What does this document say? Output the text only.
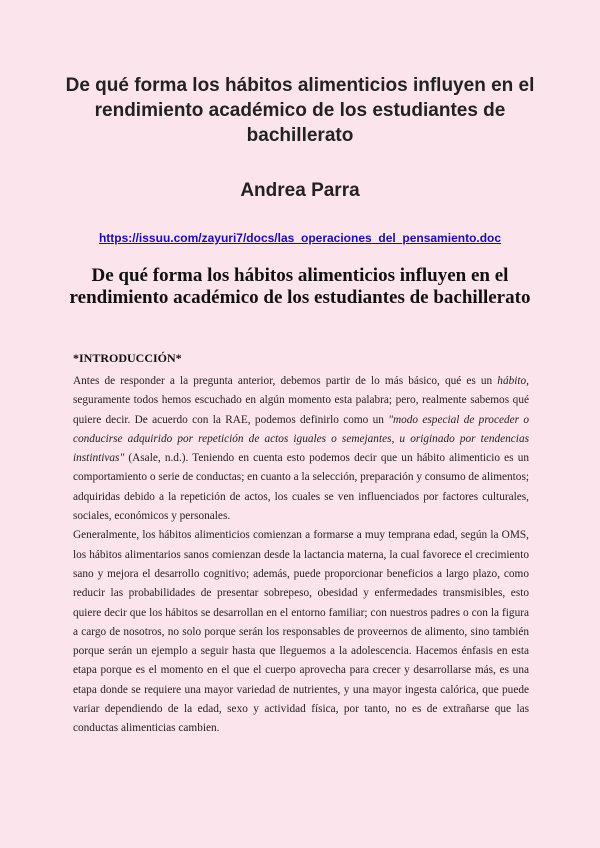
De qué forma los hábitos alimenticios influyen en el rendimiento académico de los estudiantes de bachillerato
Andrea Parra
https://issuu.com/zayuri7/docs/las_operaciones_del_pensamiento.doc
De qué forma los hábitos alimenticios influyen en el rendimiento académico de los estudiantes de bachillerato
*INTRODUCCIÓN*

Antes de responder a la pregunta anterior, debemos partir de lo más básico, qué es un hábito, seguramente todos hemos escuchado en algún momento esta palabra; pero, realmente sabemos qué quiere decir. De acuerdo con la RAE, podemos definirlo como un "modo especial de proceder o conducirse adquirido por repetición de actos iguales o semejantes, u originado por tendencias instintivas" (Asale, n.d.). Teniendo en cuenta esto podemos decir que un hábito alimenticio es un comportamiento o serie de conductas; en cuanto a la selección, preparación y consumo de alimentos; adquiridas debido a la repetición de actos, los cuales se ven influenciados por factores culturales, sociales, económicos y personales.

Generalmente, los hábitos alimenticios comienzan a formarse a muy temprana edad, según la OMS, los hábitos alimentarios sanos comienzan desde la lactancia materna, la cual favorece el crecimiento sano y mejora el desarrollo cognitivo; además, puede proporcionar beneficios a largo plazo, como reducir las probabilidades de presentar sobrepeso, obesidad y enfermedades transmisibles, esto quiere decir que los hábitos se desarrollan en el entorno familiar; con nuestros padres o con la figura a cargo de nosotros, no solo porque serán los responsables de proveernos de alimento, sino también porque serán un ejemplo a seguir hasta que lleguemos a la adolescencia. Hacemos énfasis en esta etapa porque es el momento en el que el cuerpo aprovecha para crecer y desarrollarse más, es una etapa donde se requiere una mayor variedad de nutrientes, y una mayor ingesta calórica, que puede variar dependiendo de la edad, sexo y actividad física, por tanto, no es de extrañarse que las conductas alimenticias cambien.
